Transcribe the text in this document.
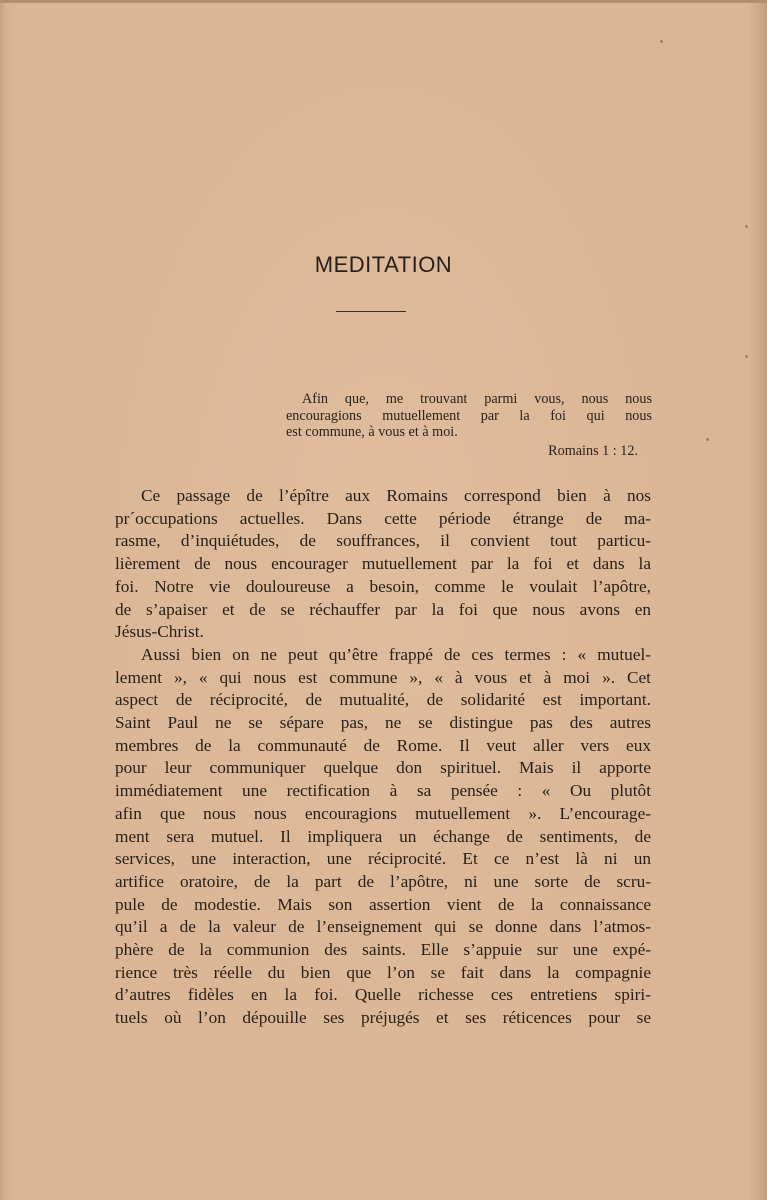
MEDITATION
Afin que, me trouvant parmi vous, nous nous
encouragions mutuellement par la foi qui nous
est commune, à vous et à moi.
Romains 1 : 12.
Ce passage de l’épître aux Romains correspond bien à nos
pr´occupations actuelles. Dans cette période étrange de ma-
rasme, d’inquiétudes, de souffrances, il convient tout particu-
lièrement de nous encourager mutuellement par la foi et dans la
foi. Notre vie douloureuse a besoin, comme le voulait l’apôtre,
de s’apaiser et de se réchauffer par la foi que nous avons en
Jésus-Christ.
Aussi bien on ne peut qu’être frappé de ces termes : « mutuel-
lement », « qui nous est commune », « à vous et à moi ». Cet
aspect de réciprocité, de mutualité, de solidarité est important.
Saint Paul ne se sépare pas, ne se distingue pas des autres
membres de la communauté de Rome. Il veut aller vers eux
pour leur communiquer quelque don spirituel. Mais il apporte
immédiatement une rectification à sa pensée : « Ou plutôt
afin que nous nous encouragions mutuellement ». L’encourage-
ment sera mutuel. Il impliquera un échange de sentiments, de
services, une interaction, une réciprocité. Et ce n’est là ni un
artifice oratoire, de la part de l’apôtre, ni une sorte de scru-
pule de modestie. Mais son assertion vient de la connaissance
qu’il a de la valeur de l’enseignement qui se donne dans l’atmos-
phère de la communion des saints. Elle s’appuie sur une expé-
rience très réelle du bien que l’on se fait dans la compagnie
d’autres fidèles en la foi. Quelle richesse ces entretiens spiri-
tuels où l’on dépouille ses préjugés et ses réticences pour se
